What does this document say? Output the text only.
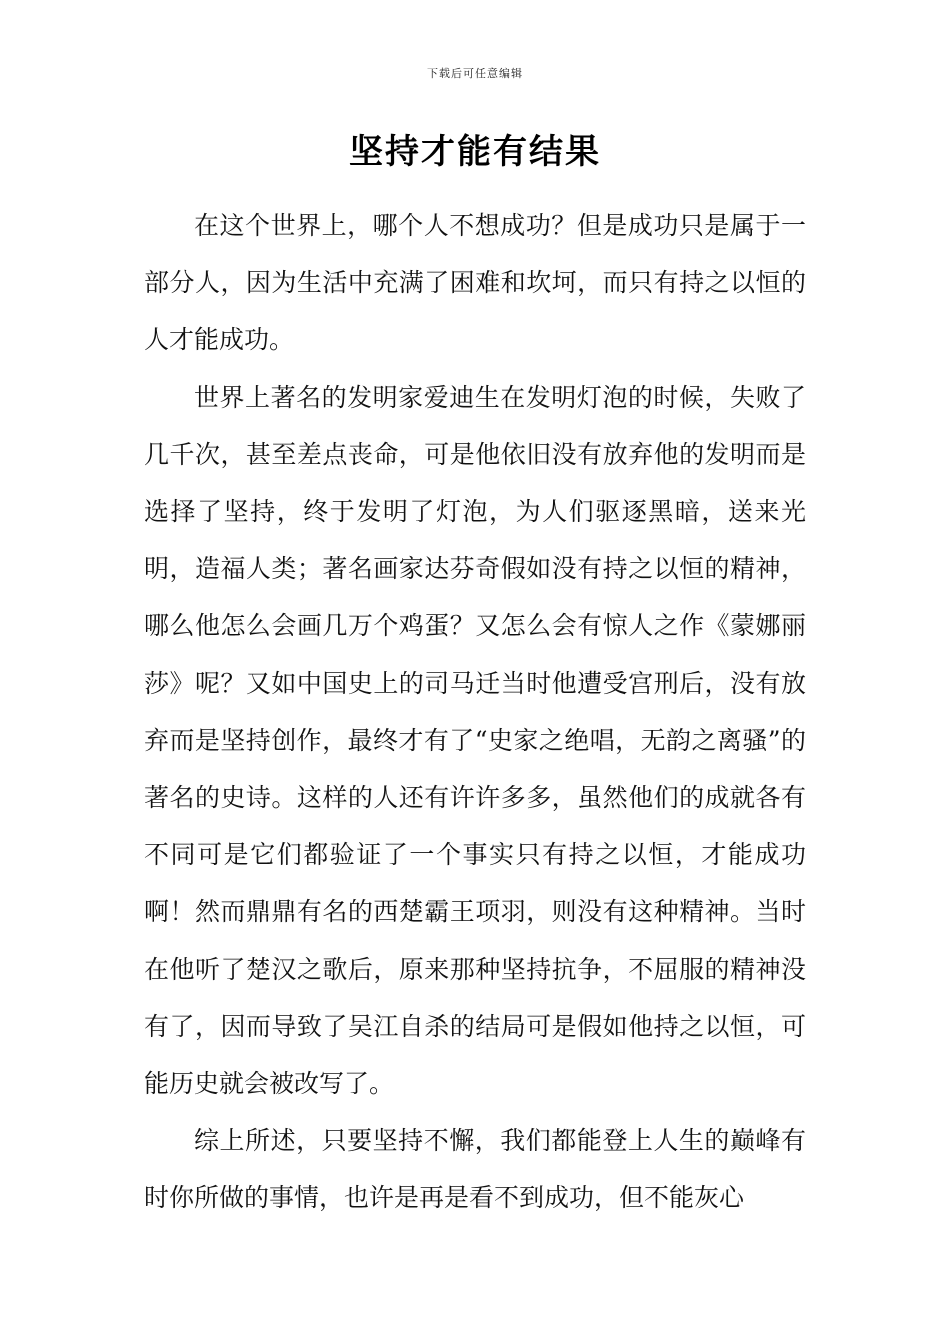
下载后可任意编辑
坚持才能有结果

在这个世界上，哪个人不想成功？但是成功只是属于一部分人，因为生活中充满了困难和坎坷，而只有持之以恒的人才能成功。

世界上著名的发明家爱迪生在发明灯泡的时候，失败了几千次，甚至差点丧命，可是他依旧没有放弃他的发明而是选择了坚持，终于发明了灯泡，为人们驱逐黑暗，送来光明，造福人类；著名画家达芬奇假如没有持之以恒的精神，哪么他怎么会画几万个鸡蛋？又怎么会有惊人之作《蒙娜丽莎》呢？又如中国史上的司马迁当时他遭受宫刑后，没有放弃而是坚持创作，最终才有了“史家之绝唱，无韵之离骚”的著名的史诗。这样的人还有许许多多，虽然他们的成就各有不同可是它们都验证了一个事实只有持之以恒，才能成功啊！然而鼎鼎有名的西楚霸王项羽，则没有这种精神。当时在他听了楚汉之歌后，原来那种坚持抗争，不屈服的精神没有了，因而导致了吴江自杀的结局可是假如他持之以恒，可能历史就会被改写了。

综上所述，只要坚持不懈，我们都能登上人生的巅峰有时你所做的事情，也许是再是看不到成功，但不能灰心
